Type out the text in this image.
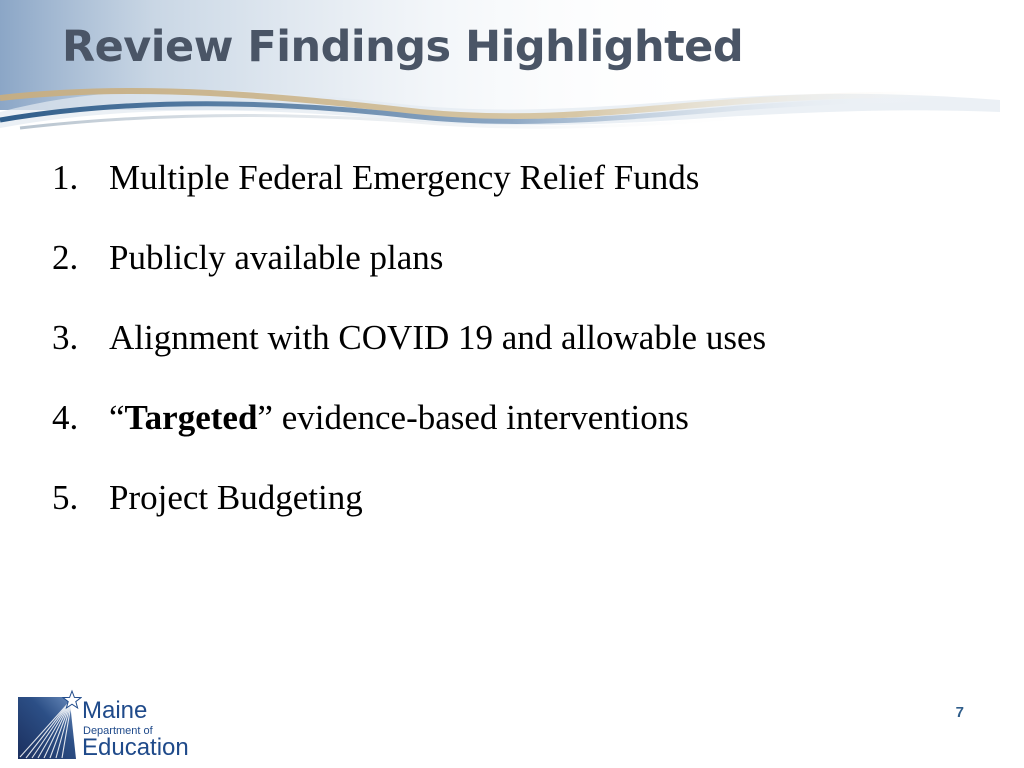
Review Findings Highlighted
1. Multiple Federal Emergency Relief Funds
2. Publicly available plans
3. Alignment with COVID 19 and allowable uses
4. “Targeted” evidence-based interventions
5. Project Budgeting
Maine
Department of
Education
7
